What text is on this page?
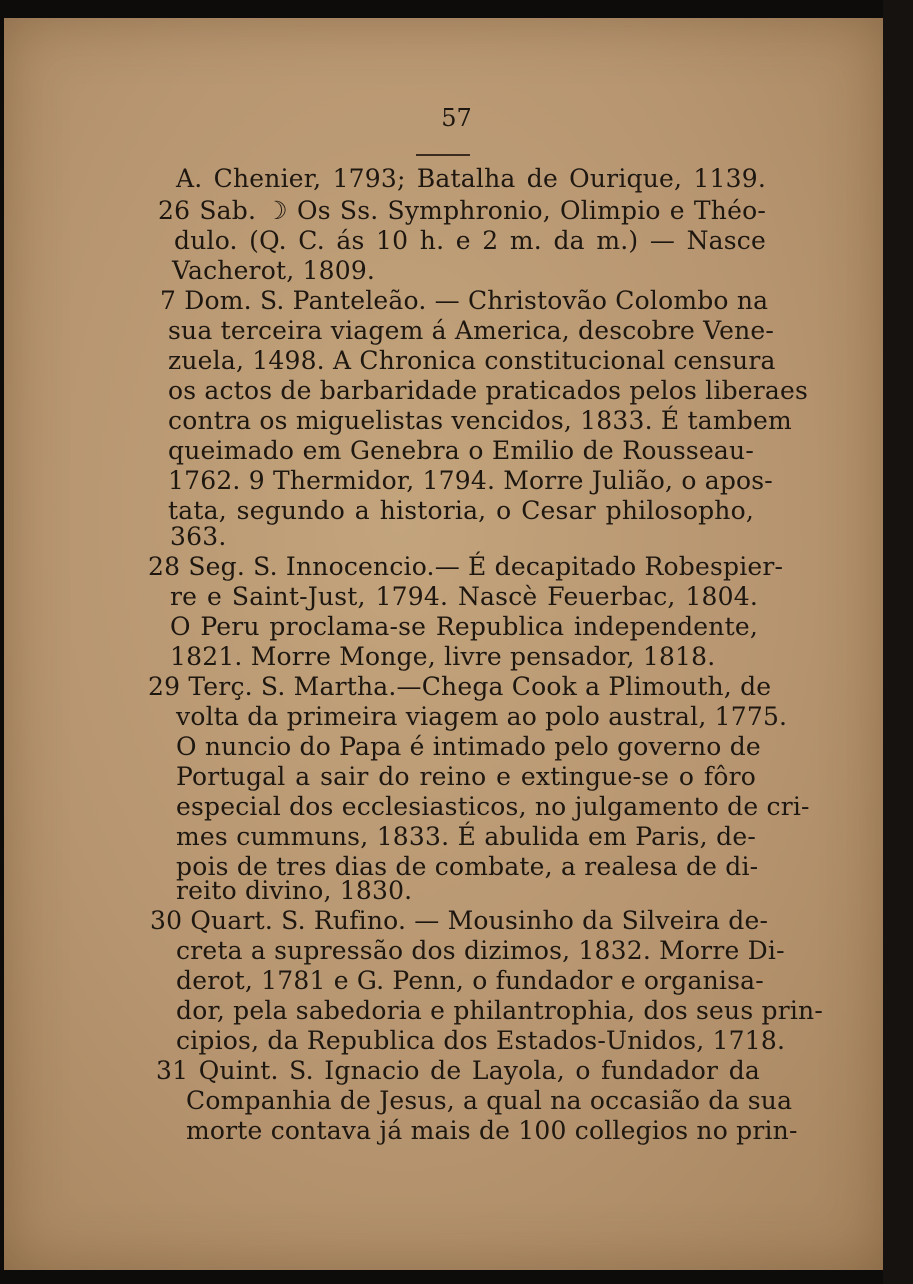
57
A. Chenier, 1793; Batalha de Ourique, 1139.
26 Sab. ☽ Os Ss. Symphronio, Olimpio e Théo-
dulo. (Q. C. ás 10 h. e 2 m. da m.) — Nasce
Vacherot, 1809.
7 Dom. S. Panteleão. — Christovão Colombo na
sua terceira viagem á America, descobre Vene-
zuela, 1498. A Chronica constitucional censura
os actos de barbaridade praticados pelos liberaes
contra os miguelistas vencidos, 1833. É tambem
queimado em Genebra o Emilio de Rousseau-
1762. 9 Thermidor, 1794. Morre Julião, o apos-
tata, segundo a historia, o Cesar philosopho,
363.
28 Seg. S. Innocencio.— É decapitado Robespier-
re e Saint-Just, 1794. Nascè Feuerbac, 1804.
O Peru proclama-se Republica independente,
1821. Morre Monge, livre pensador, 1818.
29 Terç. S. Martha.—Chega Cook a Plimouth, de
volta da primeira viagem ao polo austral, 1775.
O nuncio do Papa é intimado pelo governo de
Portugal a sair do reino e extingue-se o fôro
especial dos ecclesiasticos, no julgamento de cri-
mes cummuns, 1833. É abulida em Paris, de-
pois de tres dias de combate, a realesa de di-
reito divino, 1830.
30 Quart. S. Rufino. — Mousinho da Silveira de-
creta a supressão dos dizimos, 1832. Morre Di-
derot, 1781 e G. Penn, o fundador e organisa-
dor, pela sabedoria e philantrophia, dos seus prin-
cipios, da Republica dos Estados-Unidos, 1718.
31 Quint. S. Ignacio de Layola, o fundador da
Companhia de Jesus, a qual na occasião da sua
morte contava já mais de 100 collegios no prin-
